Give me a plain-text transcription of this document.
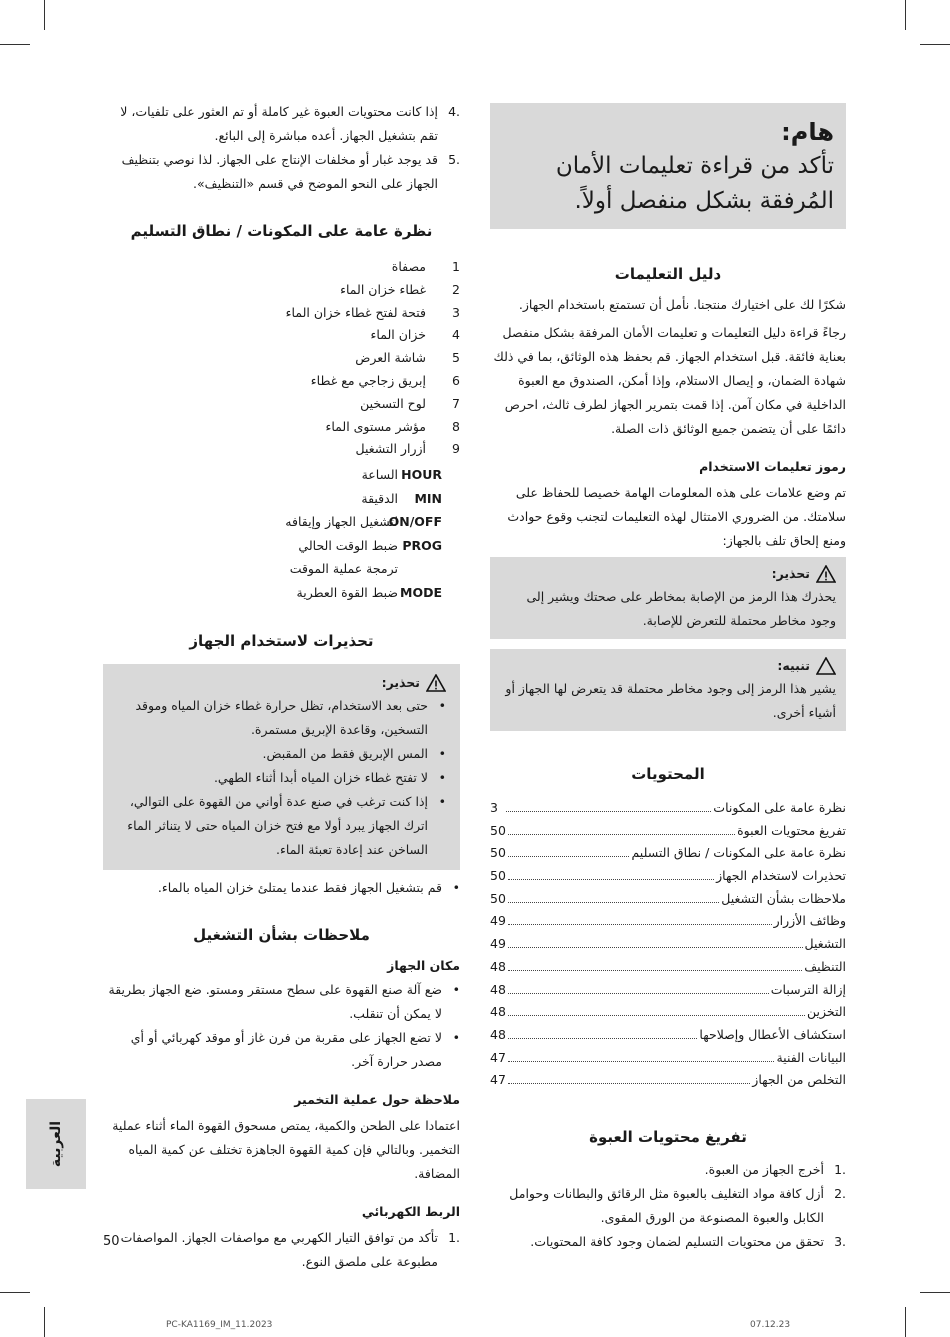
هام:
تأكد من قراءة تعليمات الأمان المُرفقة بشكل منفصل أولاً.
دليل التعليمات

شكرًا لك على اختيارك منتجنا. نأمل أن تستمتع باستخدام الجهاز.

رجاءً قراءة دليل التعليمات و تعليمات الأمان المرفقة بشكل منفصل بعناية فائقة. قبل استخدام الجهاز. قم بحفظ هذه الوثائق، بما في ذلك شهادة الضمان، و إيصال الاستلام، وإذا أمكن، الصندوق مع العبوة الداخلية في مكان آمن. إذا قمت بتمرير الجهاز لطرف ثالث، احرص دائمًا على أن يتضمن جميع الوثائق ذات الصلة.

رموز تعليمات الاستخدام

تم وضع علامات على هذه المعلومات الهامة خصيصا للحفاظ على سلامتك. من الضروري الامتثال لهذه التعليمات لتجنب وقوع حوادث ومنع إلحاق تلف بالجهاز:

تحذير:

يحذرك هذا الرمز من الإصابة بمخاطر على صحتك ويشير إلى وجود مخاطر محتملة للتعرض للإصابة.

تنبيه:

يشير هذا الرمز إلى وجود مخاطر محتملة قد يتعرض لها الجهاز أو أشياء أخرى.

المحتويات
نظرة عامة على المكونات
3
تفريغ محتويات العبوة
50
نظرة عامة على المكونات / نطاق التسليم
50
تحذيرات لاستخدام الجهاز
50
ملاحظات بشأن التشغيل
50
وظائف الأزرار
49
التشغيل
49
التنظيف
48
إزالة الترسبات
48
التخزين
48
استكشاف الأعطال وإصلاحها
48
البيانات الفنية
47
التخلص من الجهاز
47
تفريغ محتويات العبوة
.1
أخرج الجهاز من العبوة.
.2
أزل كافة مواد التغليف بالعبوة مثل الرقائق والبطانات وحوامل الكابل والعبوة المصنوعة من الورق المقوى.
.3
تحقق من محتويات التسليم لضمان وجود كافة المحتويات.
.4
إذا كانت محتويات العبوة غير كاملة أو تم العثور على تلفيات، لا تقم بتشغيل الجهاز. أعده مباشرة إلى البائع.
.5
قد يوجد غبار أو مخلفات الإنتاج على الجهاز. لذا نوصي بتنظيف الجهاز على النحو الموضح في قسم «التنظيف».
نظرة عامة على المكونات / نطاق التسليم
1
مصفاة
2
غطاء خزان الماء
3
فتحة لفتح غطاء خزان الماء
4
خزان الماء
5
شاشة العرض
6
إبريق زجاجي مع غطاء
7
لوح التسخين
8
مؤشر مستوى الماء
9
أزرار التشغيل
HOUR
الساعة
MIN
الدقيقة
ON/OFF
لتشغيل الجهاز وإيقافه
PROG
ضبط الوقت الحالي
ترمجة عملية الموقت
MODE
ضبط القوة العطرية
تحذيرات لاستخدام الجهاز
تحذير:
•
حتى بعد الاستخدام، تظل حرارة غطاء خزان المياه وموقد التسخين، وقاعدة الإبريق مستمرة.
•
المس الإبريق فقط من المقبض.
•
لا تفتح غطاء خزان المياه أبدا أثناء الطهي.
•
إذا كنت ترغب في صنع عدة أواني من القهوة على التوالي، اترك الجهاز يبرد أولا مع فتح خزان المياه حتى لا يتناثر الماء الساخن عند إعادة تعبئة الماء.
•
قم بتشغيل الجهاز فقط عندما يمتلئ خزان المياه بالماء.
ملاحظات بشأن التشغيل
مكان الجهاز
•
ضع آلة صنع القهوة على سطح مستقر ومستو. ضع الجهاز بطريقة لا يمكن أن تنقلب.
•
لا تضع الجهاز على مقربة من فرن غاز أو موقد كهربائي أو أي مصدر حرارة آخر.
ملاحظة حول عملية التخمير

اعتمادا على الطحن والكمية، يمتص مسحوق القهوة الماء أثناء عملية التخمير. وبالتالي فإن كمية القهوة الجاهزة تختلف عن كمية المياه المضافة.

الربط الكهربائي
.1
تأكد من توافق التيار الكهربي مع مواصفات الجهاز. المواصفات مطبوعة على ملصق النوع.
العربية
50
PC-KA1169_IM_11.2023	07.12.23
